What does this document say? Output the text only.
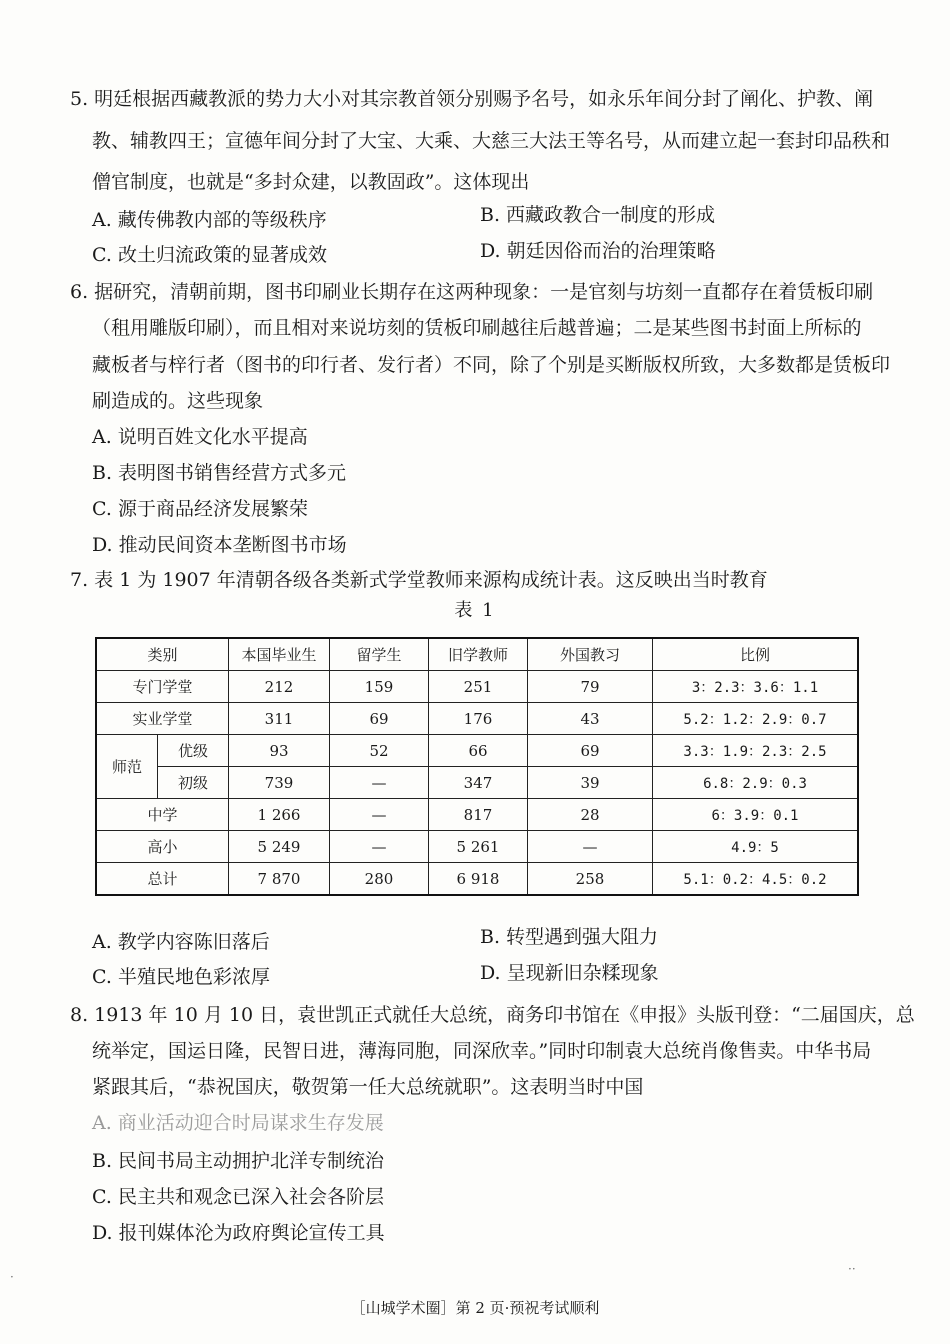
5. 明廷根据西藏教派的势力大小对其宗教首领分别赐予名号，如永乐年间分封了阐化、护教、阐
教、辅教四王；宣德年间分封了大宝、大乘、大慈三大法王等名号，从而建立起一套封印品秩和
僧官制度，也就是“多封众建，以教固政”。这体现出
A. 藏传佛教内部的等级秩序	B. 西藏政教合一制度的形成
C. 改土归流政策的显著成效	D. 朝廷因俗而治的治理策略
6. 据研究，清朝前期，图书印刷业长期存在这两种现象：一是官刻与坊刻一直都存在着赁板印刷
（租用雕版印刷），而且相对来说坊刻的赁板印刷越往后越普遍；二是某些图书封面上所标的
藏板者与梓行者（图书的印行者、发行者）不同，除了个别是买断版权所致，大多数都是赁板印
刷造成的。这些现象
A. 说明百姓文化水平提高
B. 表明图书销售经营方式多元
C. 源于商品经济发展繁荣
D. 推动民间资本垄断图书市场
7. 表 1 为 1907 年清朝各级各类新式学堂教师来源构成统计表。这反映出当时教育
表 1
类别		本国毕业生	留学生	旧学教师	外国教习	比例
专门学堂		212	159	251	79	3：2.3：3.6：1.1
实业学堂		311	69	176	43	5.2：1.2：2.9：0.7
师范	优级	93	52	66	69	3.3：1.9：2.3：2.5
	初级	739	—	347	39	6.8：2.9：0.3
中学		1 266	—	817	28	6：3.9：0.1
高小		5 249	—	5 261	—	4.9：5
总计		7 870	280	6 918	258	5.1：0.2：4.5：0.2
A. 教学内容陈旧落后	B. 转型遇到强大阻力
C. 半殖民地色彩浓厚	D. 呈现新旧杂糅现象
8. 1913 年 10 月 10 日，袁世凯正式就任大总统，商务印书馆在《申报》头版刊登：“二届国庆，总
统举定，国运日隆，民智日进，薄海同胞，同深欣幸。”同时印制袁大总统肖像售卖。中华书局
紧跟其后，“恭祝国庆，敬贺第一任大总统就职”。这表明当时中国
A. 商业活动迎合时局谋求生存发展
B. 民间书局主动拥护北洋专制统治
C. 民主共和观念已深入社会各阶层
D. 报刊媒体沦为政府舆论宣传工具
［山城学术圈］第 2 页·预祝考试顺利
·
··
